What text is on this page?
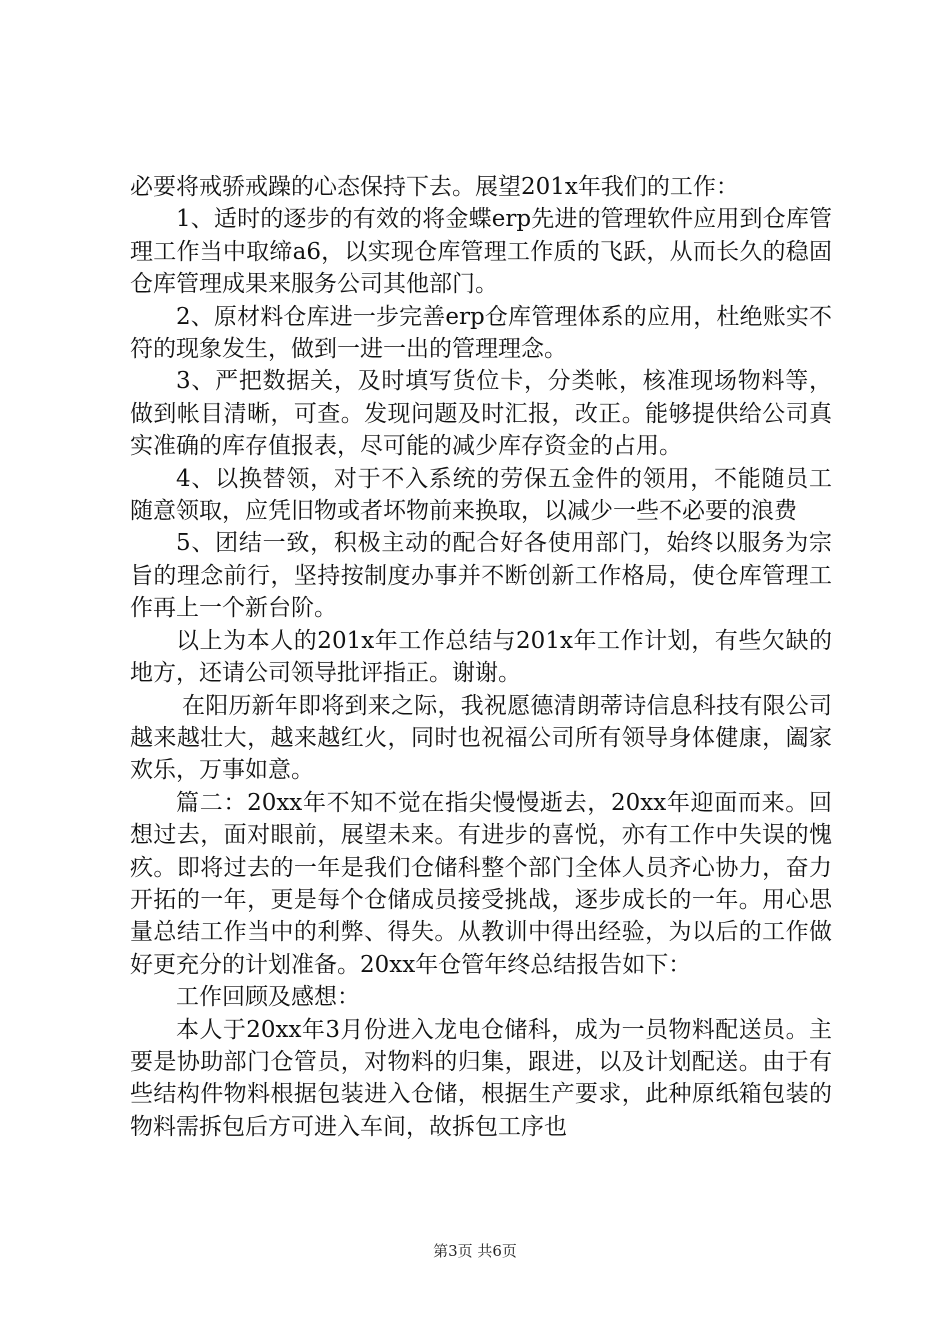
必要将戒骄戒躁的心态保持下去。展望201x年我们的工作：

1、适时的逐步的有效的将金蝶erp先进的管理软件应用到仓库管理工作当中取缔a6，以实现仓库管理工作质的飞跃，从而长久的稳固仓库管理成果来服务公司其他部门。

2、原材料仓库进一步完善erp仓库管理体系的应用，杜绝账实不符的现象发生，做到一进一出的管理理念。

3、严把数据关，及时填写货位卡，分类帐，核准现场物料等，做到帐目清晰，可查。发现问题及时汇报，改正。能够提供给公司真实准确的库存值报表，尽可能的减少库存资金的占用。

4、以换替领，对于不入系统的劳保五金件的领用，不能随员工随意领取，应凭旧物或者坏物前来换取，以减少一些不必要的浪费

5、团结一致，积极主动的配合好各使用部门，始终以服务为宗旨的理念前行，坚持按制度办事并不断创新工作格局，使仓库管理工作再上一个新台阶。

以上为本人的201x年工作总结与201x年工作计划，有些欠缺的地方，还请公司领导批评指正。谢谢。

在阳历新年即将到来之际，我祝愿德清朗蒂诗信息科技有限公司越来越壮大，越来越红火，同时也祝福公司所有领导身体健康，阖家欢乐，万事如意。

篇二：20xx年不知不觉在指尖慢慢逝去，20xx年迎面而来。回想过去，面对眼前，展望未来。有进步的喜悦，亦有工作中失误的愧疚。即将过去的一年是我们仓储科整个部门全体人员齐心协力，奋力开拓的一年，更是每个仓储成员接受挑战，逐步成长的一年。用心思量总结工作当中的利弊、得失。从教训中得出经验，为以后的工作做好更充分的计划准备。20xx年仓管年终总结报告如下：

工作回顾及感想：

本人于20xx年3月份进入龙电仓储科，成为一员物料配送员。主要是协助部门仓管员，对物料的归集，跟进，以及计划配送。由于有些结构件物料根据包装进入仓储，根据生产要求，此种原纸箱包装的物料需拆包后方可进入车间，故拆包工序也

第3页 共6页
